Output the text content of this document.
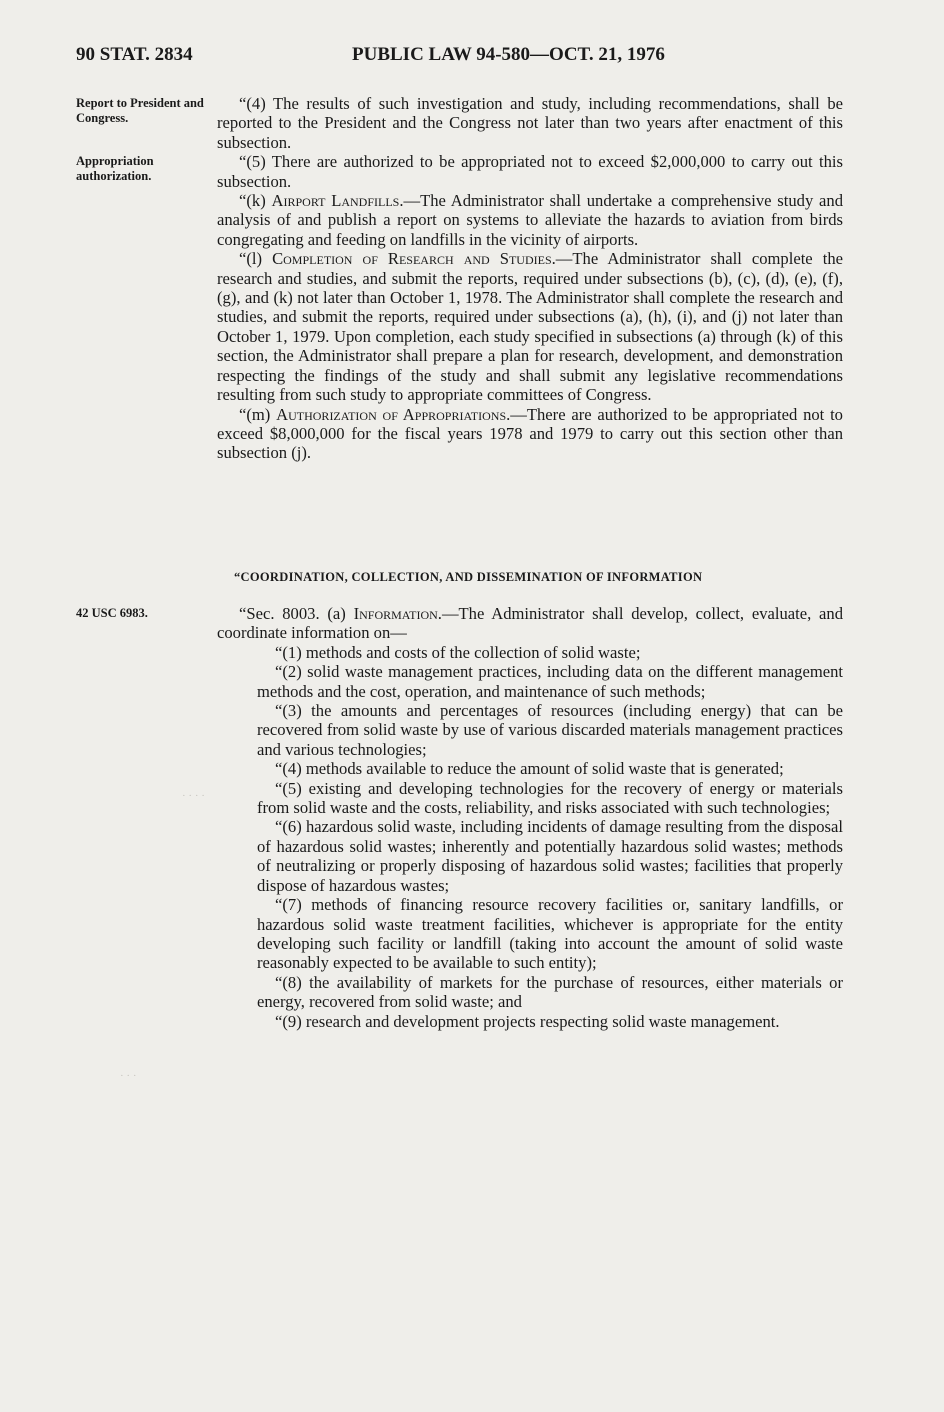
90 STAT. 2834	PUBLIC LAW 94-580—OCT. 21, 1976
Report to President and Congress.
Appropriation authorization.
42 USC 6983.
· · · ·
· · ·

“(4) The results of such investigation and study, including recommendations, shall be reported to the President and the Congress not later than two years after enactment of this subsection.

“(5) There are authorized to be appropriated not to exceed $2,000,000 to carry out this subsection.

“(k) Airport Landfills.—The Administrator shall undertake a comprehensive study and analysis of and publish a report on systems to alleviate the hazards to aviation from birds congregating and feeding on landfills in the vicinity of airports.

“(l) Completion of Research and Studies.—The Administrator shall complete the research and studies, and submit the reports, required under subsections (b), (c), (d), (e), (f), (g), and (k) not later than October 1, 1978. The Administrator shall complete the research and studies, and submit the reports, required under subsections (a), (h), (i), and (j) not later than October 1, 1979. Upon completion, each study specified in subsections (a) through (k) of this section, the Administrator shall prepare a plan for research, development, and demonstration respecting the findings of the study and shall submit any legislative recommendations resulting from such study to appropriate committees of Congress.

“(m) Authorization of Appropriations.—There are authorized to be appropriated not to exceed $8,000,000 for the fiscal years 1978 and 1979 to carry out this section other than subsection (j).

“COORDINATION, COLLECTION, AND DISSEMINATION OF INFORMATION

“Sec. 8003. (a) Information.—The Administrator shall develop, collect, evaluate, and coordinate information on—

“(1) methods and costs of the collection of solid waste;

“(2) solid waste management practices, including data on the different management methods and the cost, operation, and maintenance of such methods;

“(3) the amounts and percentages of resources (including energy) that can be recovered from solid waste by use of various discarded materials management practices and various technologies;

“(4) methods available to reduce the amount of solid waste that is generated;

“(5) existing and developing technologies for the recovery of energy or materials from solid waste and the costs, reliability, and risks associated with such technologies;

“(6) hazardous solid waste, including incidents of damage resulting from the disposal of hazardous solid wastes; inherently and potentially hazardous solid wastes; methods of neutralizing or properly disposing of hazardous solid wastes; facilities that properly dispose of hazardous wastes;

“(7) methods of financing resource recovery facilities or, sanitary landfills, or hazardous solid waste treatment facilities, whichever is appropriate for the entity developing such facility or landfill (taking into account the amount of solid waste reasonably expected to be available to such entity);

“(8) the availability of markets for the purchase of resources, either materials or energy, recovered from solid waste; and

“(9) research and development projects respecting solid waste management.
